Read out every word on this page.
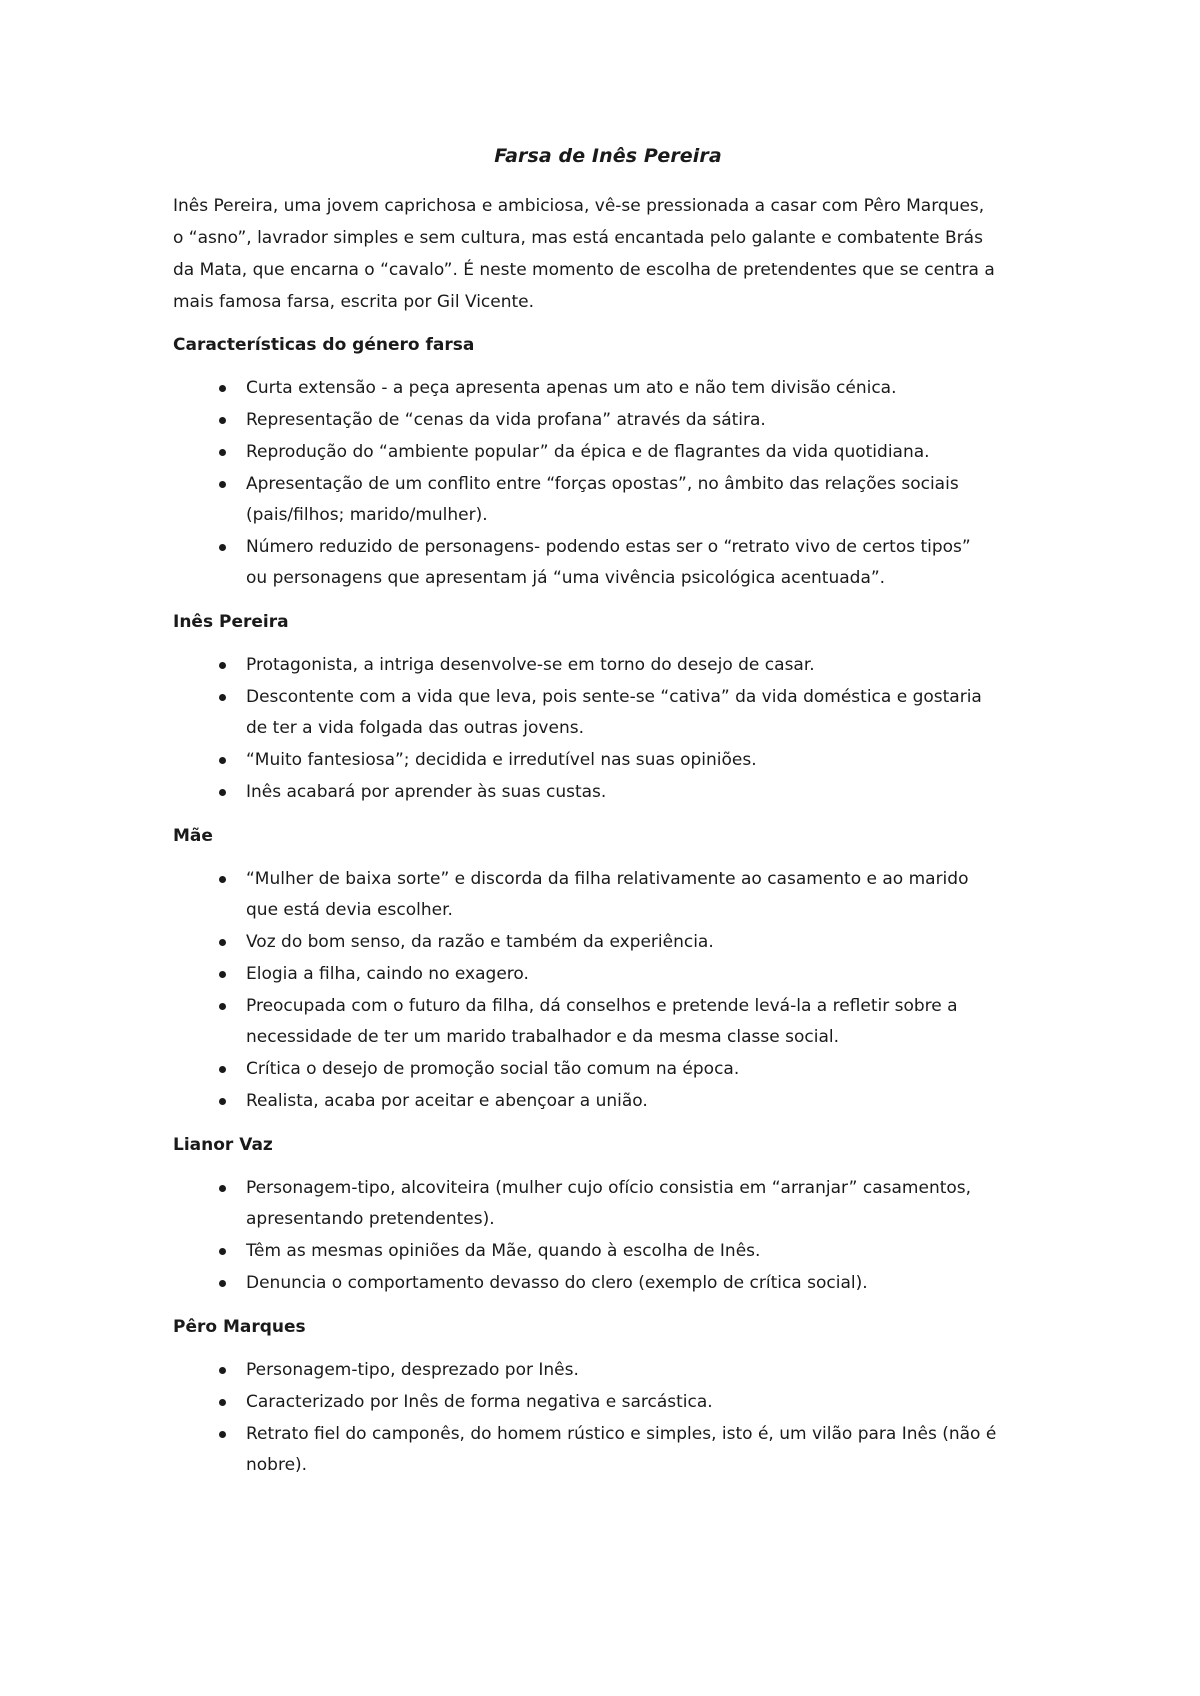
Farsa de Inês Pereira

Inês Pereira, uma jovem caprichosa e ambiciosa, vê-se pressionada a casar com Pêro Marques,
o “asno”, lavrador simples e sem cultura, mas está encantada pelo galante e combatente Brás
da Mata, que encarna o “cavalo”. É neste momento de escolha de pretendentes que se centra a
mais famosa farsa, escrita por Gil Vicente.

Características do género farsa
Curta extensão - a peça apresenta apenas um ato e não tem divisão cénica.
Representação de “cenas da vida profana” através da sátira.
Reprodução do “ambiente popular” da épica e de flagrantes da vida quotidiana.
Apresentação de um conflito entre “forças opostas”, no âmbito das relações sociais
(pais/filhos; marido/mulher).
Número reduzido de personagens- podendo estas ser o “retrato vivo de certos tipos”
ou personagens que apresentam já “uma vivência psicológica acentuada”.
Inês Pereira
Protagonista, a intriga desenvolve-se em torno do desejo de casar.
Descontente com a vida que leva, pois sente-se “cativa” da vida doméstica e gostaria
de ter a vida folgada das outras jovens.
“Muito fantesiosa”; decidida e irredutível nas suas opiniões.
Inês acabará por aprender às suas custas.
Mãe
“Mulher de baixa sorte” e discorda da filha relativamente ao casamento e ao marido
que está devia escolher.
Voz do bom senso, da razão e também da experiência.
Elogia a filha, caindo no exagero.
Preocupada com o futuro da filha, dá conselhos e pretende levá-la a refletir sobre a
necessidade de ter um marido trabalhador e da mesma classe social.
Crítica o desejo de promoção social tão comum na época.
Realista, acaba por aceitar e abençoar a união.
Lianor Vaz
Personagem-tipo, alcoviteira (mulher cujo ofício consistia em “arranjar” casamentos,
apresentando pretendentes).
Têm as mesmas opiniões da Mãe, quando à escolha de Inês.
Denuncia o comportamento devasso do clero (exemplo de crítica social).
Pêro Marques
Personagem-tipo, desprezado por Inês.
Caracterizado por Inês de forma negativa e sarcástica.
Retrato fiel do camponês, do homem rústico e simples, isto é, um vilão para Inês (não é
nobre).
